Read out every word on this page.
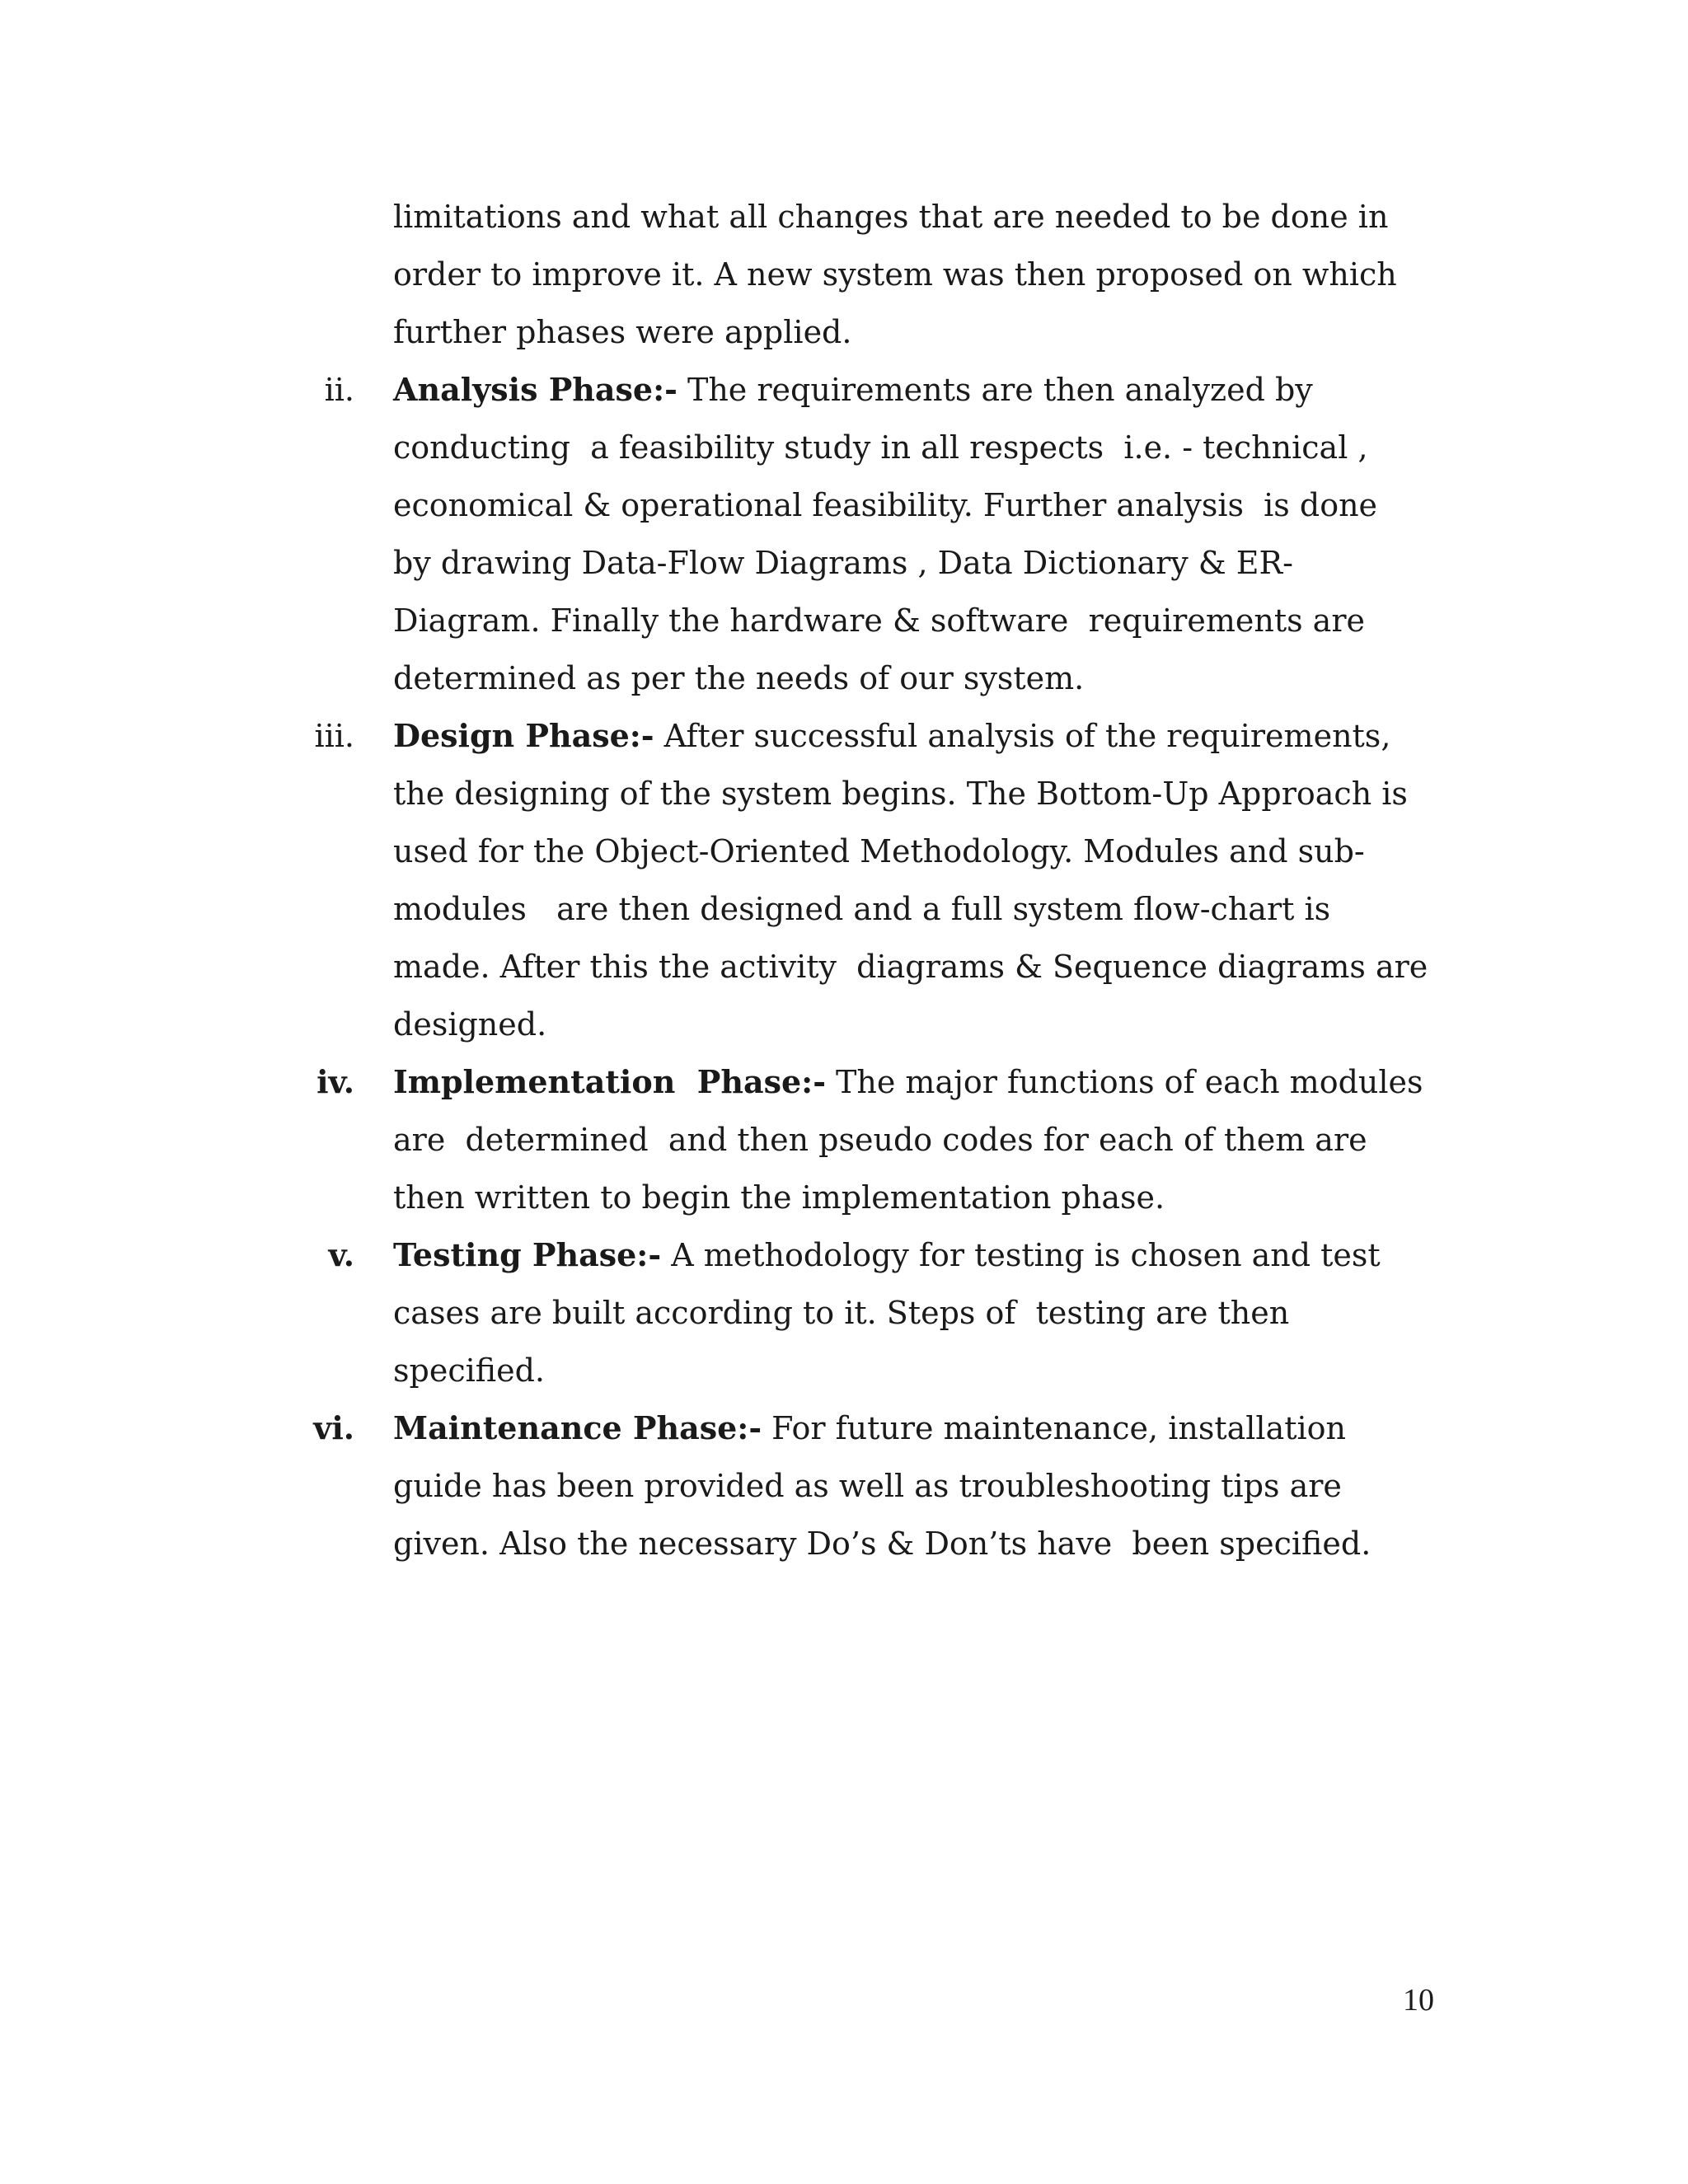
limitations and what all changes that are needed to be done in
order to improve it. A new system was then proposed on which
further phases were applied.
ii. Analysis Phase:- The requirements are then analyzed by
conducting  a feasibility study in all respects  i.e. - technical ,
economical & operational feasibility. Further analysis  is done
by drawing Data-Flow Diagrams , Data Dictionary & ER-
Diagram. Finally the hardware & software  requirements are
determined as per the needs of our system.
iii. Design Phase:- After successful analysis of the requirements,
the designing of the system begins. The Bottom-Up Approach is
used for the Object-Oriented Methodology. Modules and sub-
modules   are then designed and a full system flow-chart is
made. After this the activity  diagrams & Sequence diagrams are
designed.
iv. Implementation  Phase:- The major functions of each modules
are  determined  and then pseudo codes for each of them are
then written to begin the implementation phase.
v. Testing Phase:- A methodology for testing is chosen and test
cases are built according to it. Steps of  testing are then
specified.
vi. Maintenance Phase:- For future maintenance, installation
guide has been provided as well as troubleshooting tips are
given. Also the necessary Do’s & Don’ts have  been specified.
10
